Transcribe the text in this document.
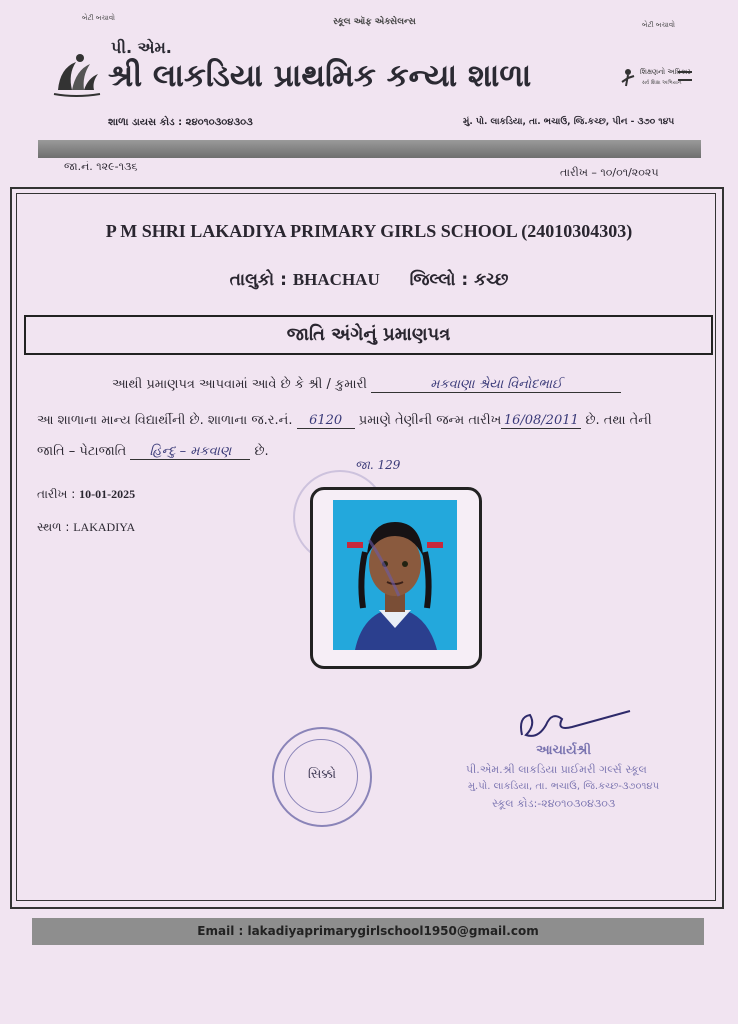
બેટી બચાવો	સ્કૂલ ઑફ એક્સેલન્સ	બેટી બચાવો
પી. એમ.
શ્રી લાકડિયા પ્રાથમિક કન્યા શાળા	શિક્ષણનો અધિકાર
સર્વ શિક્ષા અભિયાન
શાળા ડાયસ કોડ : ૨૪૦૧૦૩૦૪૩૦૩	મું. પો. લાકડિયા, તા. ભચાઉ, જિ.કચ્છ, પીન - ૩૭૦ ૧૪૫
જા.નં. ૧૨૯-૧૩૬	તારીખ – ૧૦/૦૧/૨૦૨૫
P M SHRI LAKADIYA PRIMARY GIRLS SCHOOL (24010304303)
તાલુકો : BHACHAU જિલ્લો : કચ્છ
જાતિ અંગેનું પ્રમાણપત્ર
આથી પ્રમાણપત્ર આપવામાં આવે છે કે શ્રી / કુમારી	મકવાણા શ્રેયા વિનોદભાઈ
આ શાળાના માન્ય વિદ્યાર્થીની છે. શાળાના જ.ર.નં. 6120 પ્રમાણે તેણીની જન્મ તારીખ 16/08/2011 છે. તથા તેની
જાતિ – પેટાજાતિ હિન્દુ – મકવાણ છે.
જા. 129
તારીખ : 10-01-2025
સ્થળ : LAKADIYA
સિક્કો
આચાર્યશ્રી
પી.એમ.શ્રી લાકડિયા પ્રાઈમરી ગર્લ્સ સ્કૂલ
મુ.પો. લાકડિયા, તા. ભચાઉ, જિ.કચ્છ-૩૭૦૧૪૫
સ્કૂલ કોડ:-૨૪૦૧૦૩૦૪૩૦૩
Email : lakadiyaprimarygirlschool1950@gmail.com
